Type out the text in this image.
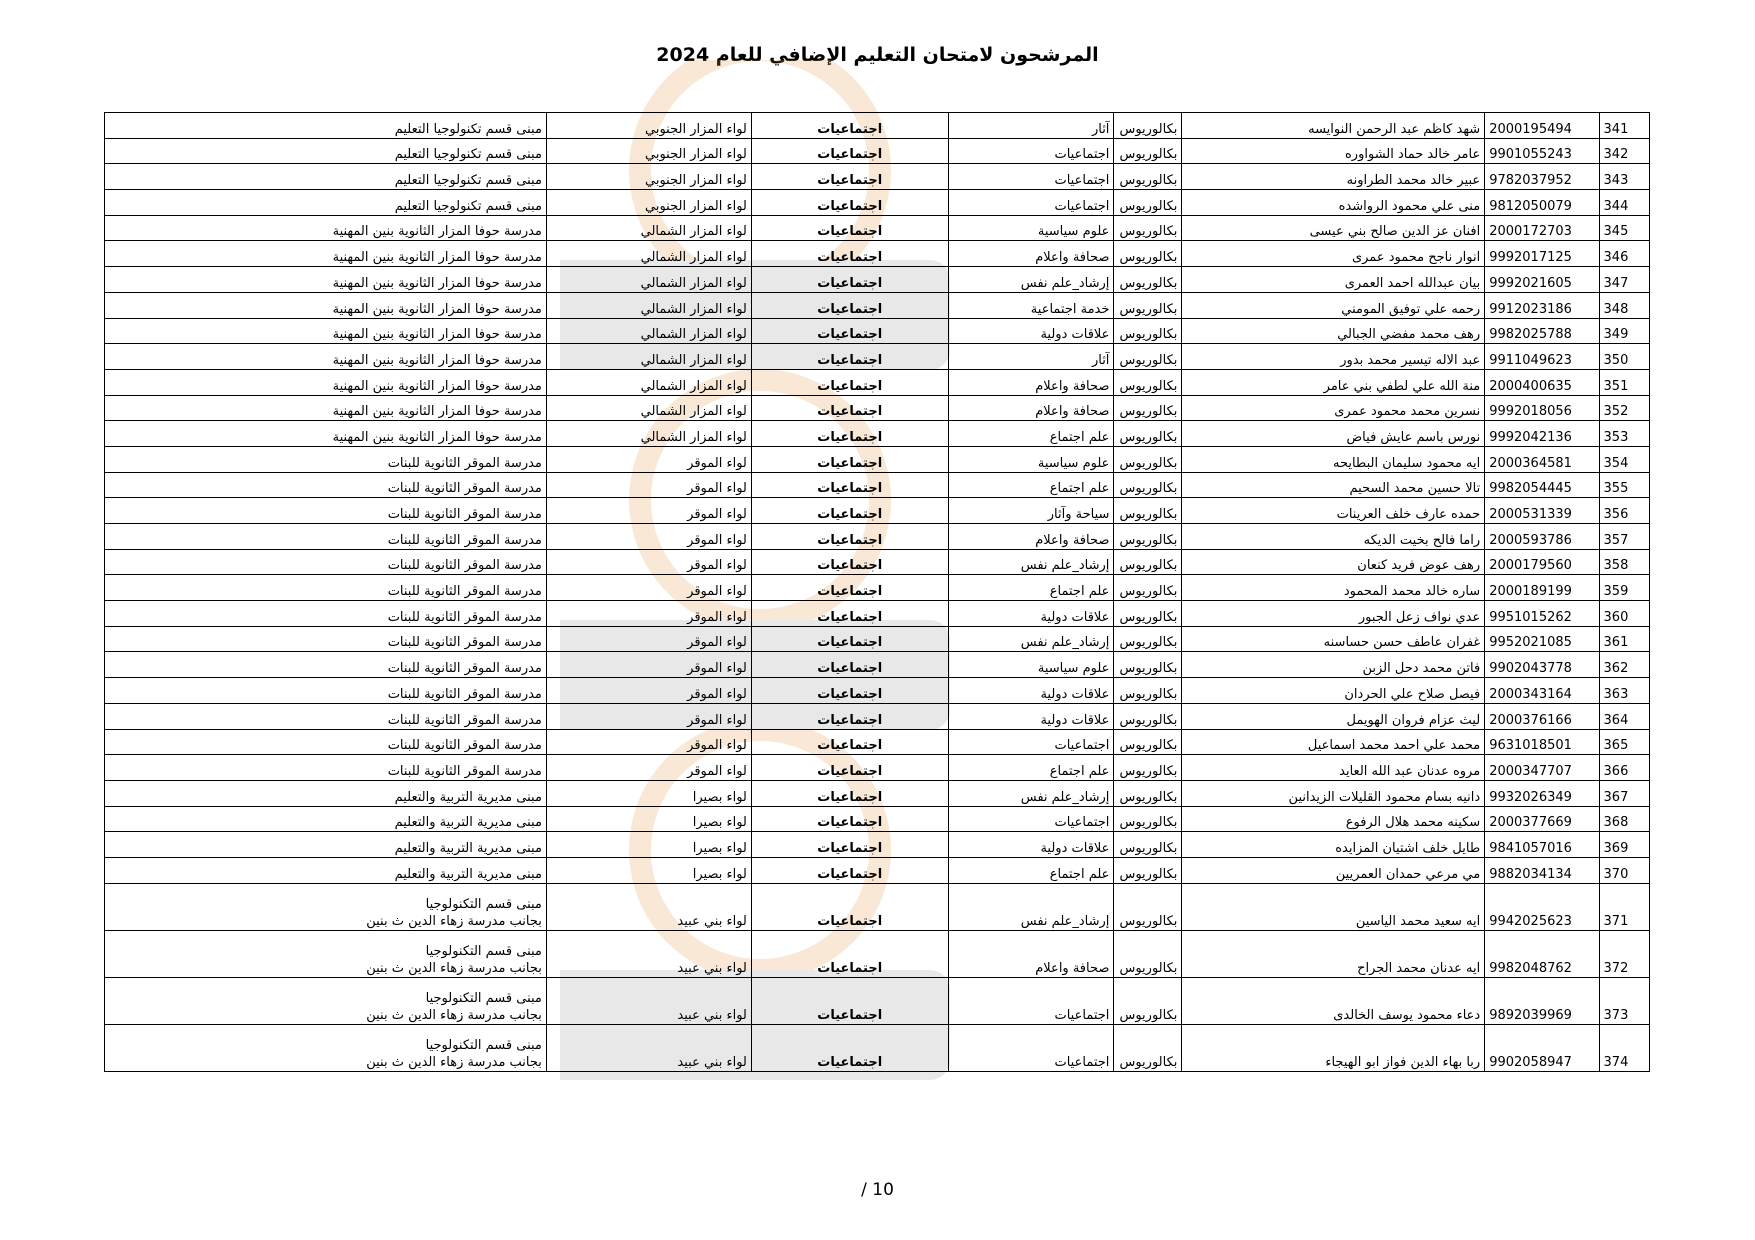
المرشحون لامتحان التعليم الإضافي للعام 2024
341	2000195494	شهد كاظم عبد الرحمن النوايسه	بكالوريوس	آثار	اجتماعيات	لواء المزار الجنوبي	مبنى قسم تكنولوجيا التعليم
342	9901055243	عامر خالد حماد الشواوره	بكالوريوس	اجتماعيات	اجتماعيات	لواء المزار الجنوبي	مبنى قسم تكنولوجيا التعليم
343	9782037952	عبير خالد محمد الطراونه	بكالوريوس	اجتماعيات	اجتماعيات	لواء المزار الجنوبي	مبنى قسم تكنولوجيا التعليم
344	9812050079	منى علي محمود الرواشده	بكالوريوس	اجتماعيات	اجتماعيات	لواء المزار الجنوبي	مبنى قسم تكنولوجيا التعليم
345	2000172703	افنان عز الدين صالح بني عيسى	بكالوريوس	علوم سياسية	اجتماعيات	لواء المزار الشمالي	مدرسة حوفا المزار الثانوية بنين المهنية
346	9992017125	انوار ناجح محمود عمرى	بكالوريوس	صحافة واعلام	اجتماعيات	لواء المزار الشمالي	مدرسة حوفا المزار الثانوية بنين المهنية
347	9992021605	بيان عبدالله احمد العمرى	بكالوريوس	إرشاد_علم نفس	اجتماعيات	لواء المزار الشمالي	مدرسة حوفا المزار الثانوية بنين المهنية
348	9912023186	رحمه علي توفيق المومني	بكالوريوس	خدمة اجتماعية	اجتماعيات	لواء المزار الشمالي	مدرسة حوفا المزار الثانوية بنين المهنية
349	9982025788	رهف محمد مفضي الجبالي	بكالوريوس	علاقات دولية	اجتماعيات	لواء المزار الشمالي	مدرسة حوفا المزار الثانوية بنين المهنية
350	9911049623	عبد الاله تيسير محمد بدور	بكالوريوس	آثار	اجتماعيات	لواء المزار الشمالي	مدرسة حوفا المزار الثانوية بنين المهنية
351	2000400635	منة الله علي لطفي بني عامر	بكالوريوس	صحافة واعلام	اجتماعيات	لواء المزار الشمالي	مدرسة حوفا المزار الثانوية بنين المهنية
352	9992018056	نسرين محمد محمود عمرى	بكالوريوس	صحافة واعلام	اجتماعيات	لواء المزار الشمالي	مدرسة حوفا المزار الثانوية بنين المهنية
353	9992042136	نورس باسم عايش فياض	بكالوريوس	علم اجتماع	اجتماعيات	لواء المزار الشمالي	مدرسة حوفا المزار الثانوية بنين المهنية
354	2000364581	ايه محمود سليمان البطايحه	بكالوريوس	علوم سياسية	اجتماعيات	لواء الموقر	مدرسة الموقر الثانوية للبنات
355	9982054445	تالا حسين محمد السحيم	بكالوريوس	علم اجتماع	اجتماعيات	لواء الموقر	مدرسة الموقر الثانوية للبنات
356	2000531339	حمده عارف خلف العرينات	بكالوريوس	سياحة وآثار	اجتماعيات	لواء الموقر	مدرسة الموقر الثانوية للبنات
357	2000593786	راما فالح بخيت الديكه	بكالوريوس	صحافة واعلام	اجتماعيات	لواء الموقر	مدرسة الموقر الثانوية للبنات
358	2000179560	رهف عوض فريد كنعان	بكالوريوس	إرشاد_علم نفس	اجتماعيات	لواء الموقر	مدرسة الموقر الثانوية للبنات
359	2000189199	ساره خالد محمد المحمود	بكالوريوس	علم اجتماع	اجتماعيات	لواء الموقر	مدرسة الموقر الثانوية للبنات
360	9951015262	عدي نواف زعل الجبور	بكالوريوس	علاقات دولية	اجتماعيات	لواء الموقر	مدرسة الموقر الثانوية للبنات
361	9952021085	غفران عاطف حسن حساسنه	بكالوريوس	إرشاد_علم نفس	اجتماعيات	لواء الموقر	مدرسة الموقر الثانوية للبنات
362	9902043778	فاتن محمد دحل الزبن	بكالوريوس	علوم سياسية	اجتماعيات	لواء الموقر	مدرسة الموقر الثانوية للبنات
363	2000343164	فيصل صلاح علي الحردان	بكالوريوس	علاقات دولية	اجتماعيات	لواء الموقر	مدرسة الموقر الثانوية للبنات
364	2000376166	ليث عزام فروان الهويمل	بكالوريوس	علاقات دولية	اجتماعيات	لواء الموقر	مدرسة الموقر الثانوية للبنات
365	9631018501	محمد علي احمد محمد اسماعيل	بكالوريوس	اجتماعيات	اجتماعيات	لواء الموقر	مدرسة الموقر الثانوية للبنات
366	2000347707	مروه عدنان عبد الله العايد	بكالوريوس	علم اجتماع	اجتماعيات	لواء الموقر	مدرسة الموقر الثانوية للبنات
367	9932026349	دانيه بسام محمود القليلات الزيدانين	بكالوريوس	إرشاد_علم نفس	اجتماعيات	لواء بصيرا	مبنى مديرية التربية والتعليم
368	2000377669	سكينه محمد هلال الرفوع	بكالوريوس	اجتماعيات	اجتماعيات	لواء بصيرا	مبنى مديرية التربية والتعليم
369	9841057016	طايل خلف اشتيان المزايده	بكالوريوس	علاقات دولية	اجتماعيات	لواء بصيرا	مبنى مديرية التربية والتعليم
370	9882034134	مي مرعي حمدان العمريين	بكالوريوس	علم اجتماع	اجتماعيات	لواء بصيرا	مبنى مديرية التربية والتعليم
371	9942025623	ايه سعيد محمد الياسين	بكالوريوس	إرشاد_علم نفس	اجتماعيات	لواء بني عبيد	مبنى قسم التكنولوجيا
بجانب مدرسة زهاء الدين ث بنين

372	9982048762	ايه عدنان محمد الجراح	بكالوريوس	صحافة واعلام	اجتماعيات	لواء بني عبيد	مبنى قسم التكنولوجيا
بجانب مدرسة زهاء الدين ث بنين

373	9892039969	دعاء محمود يوسف الخالدى	بكالوريوس	اجتماعيات	اجتماعيات	لواء بني عبيد	مبنى قسم التكنولوجيا
بجانب مدرسة زهاء الدين ث بنين

374	9902058947	ربا بهاء الدين فواز ابو الهيجاء	بكالوريوس	اجتماعيات	اجتماعيات	لواء بني عبيد	مبنى قسم التكنولوجيا
بجانب مدرسة زهاء الدين ث بنين
10 /
